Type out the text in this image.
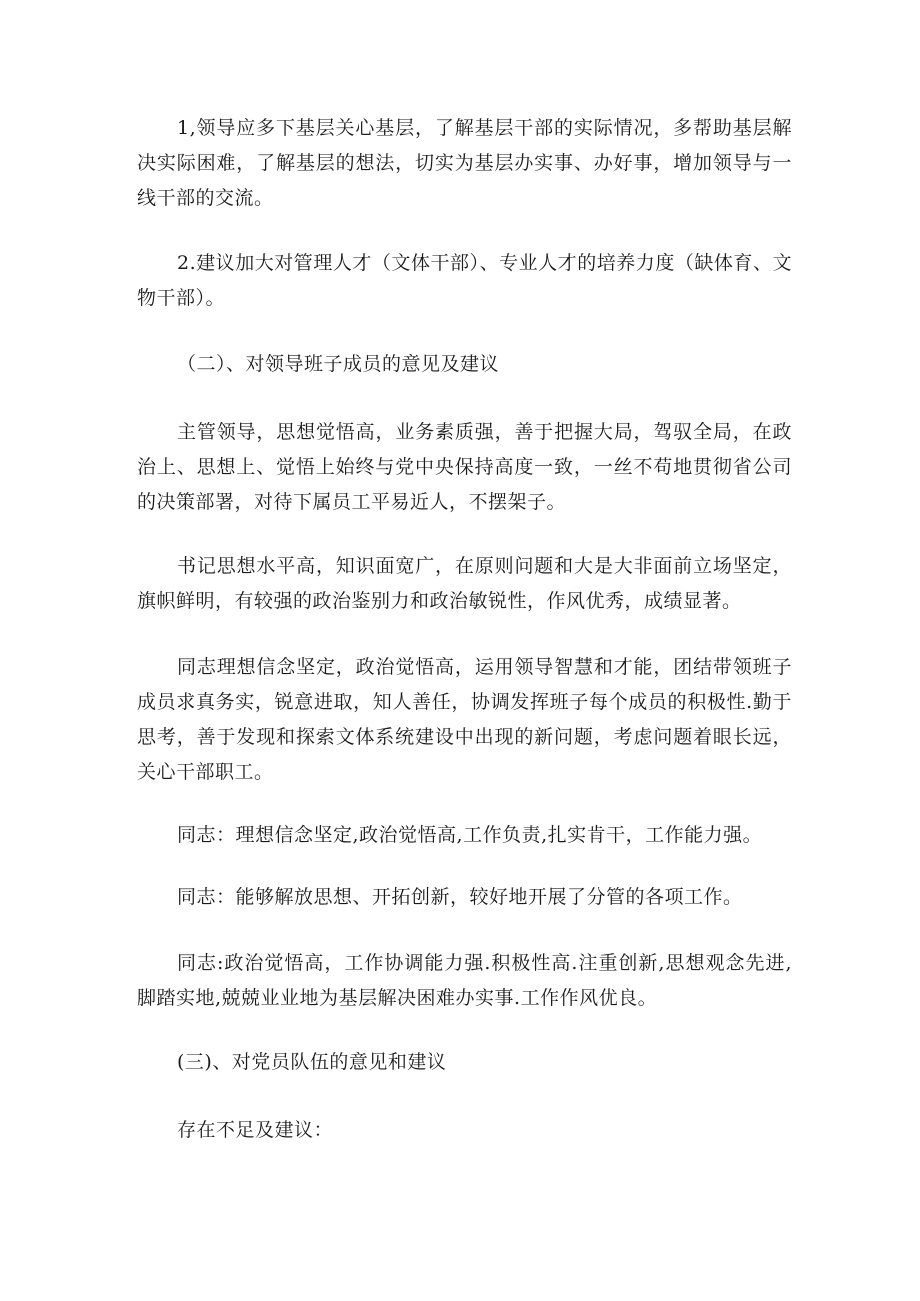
1,领导应多下基层关心基层，了解基层干部的实际情况，多帮助基层解决实际困难，了解基层的想法，切实为基层办实事、办好事，增加领导与一线干部的交流。

2.建议加大对管理人才（文体干部）、专业人才的培养力度（缺体育、文物干部）。

（二）、对领导班子成员的意见及建议

主管领导，思想觉悟高，业务素质强，善于把握大局，驾驭全局，在政治上、思想上、觉悟上始终与党中央保持高度一致，一丝不苟地贯彻省公司的决策部署，对待下属员工平易近人，不摆架子。

书记思想水平高，知识面宽广，在原则问题和大是大非面前立场坚定，旗帜鲜明，有较强的政治鉴别力和政治敏锐性，作风优秀，成绩显著。

同志理想信念坚定，政治觉悟高，运用领导智慧和才能，团结带领班子成员求真务实，锐意进取，知人善任，协调发挥班子每个成员的积极性.勤于思考，善于发现和探索文体系统建设中出现的新问题，考虑问题着眼长远，关心干部职工。

同志：理想信念坚定,政治觉悟高,工作负责,扎实肯干，工作能力强。

同志：能够解放思想、开拓创新，较好地开展了分管的各项工作。

同志:政治觉悟高，工作协调能力强.积极性高.注重创新,思想观念先进,脚踏实地,兢兢业业地为基层解决困难办实事.工作作风优良。

(三)、对党员队伍的意见和建议

存在不足及建议：
